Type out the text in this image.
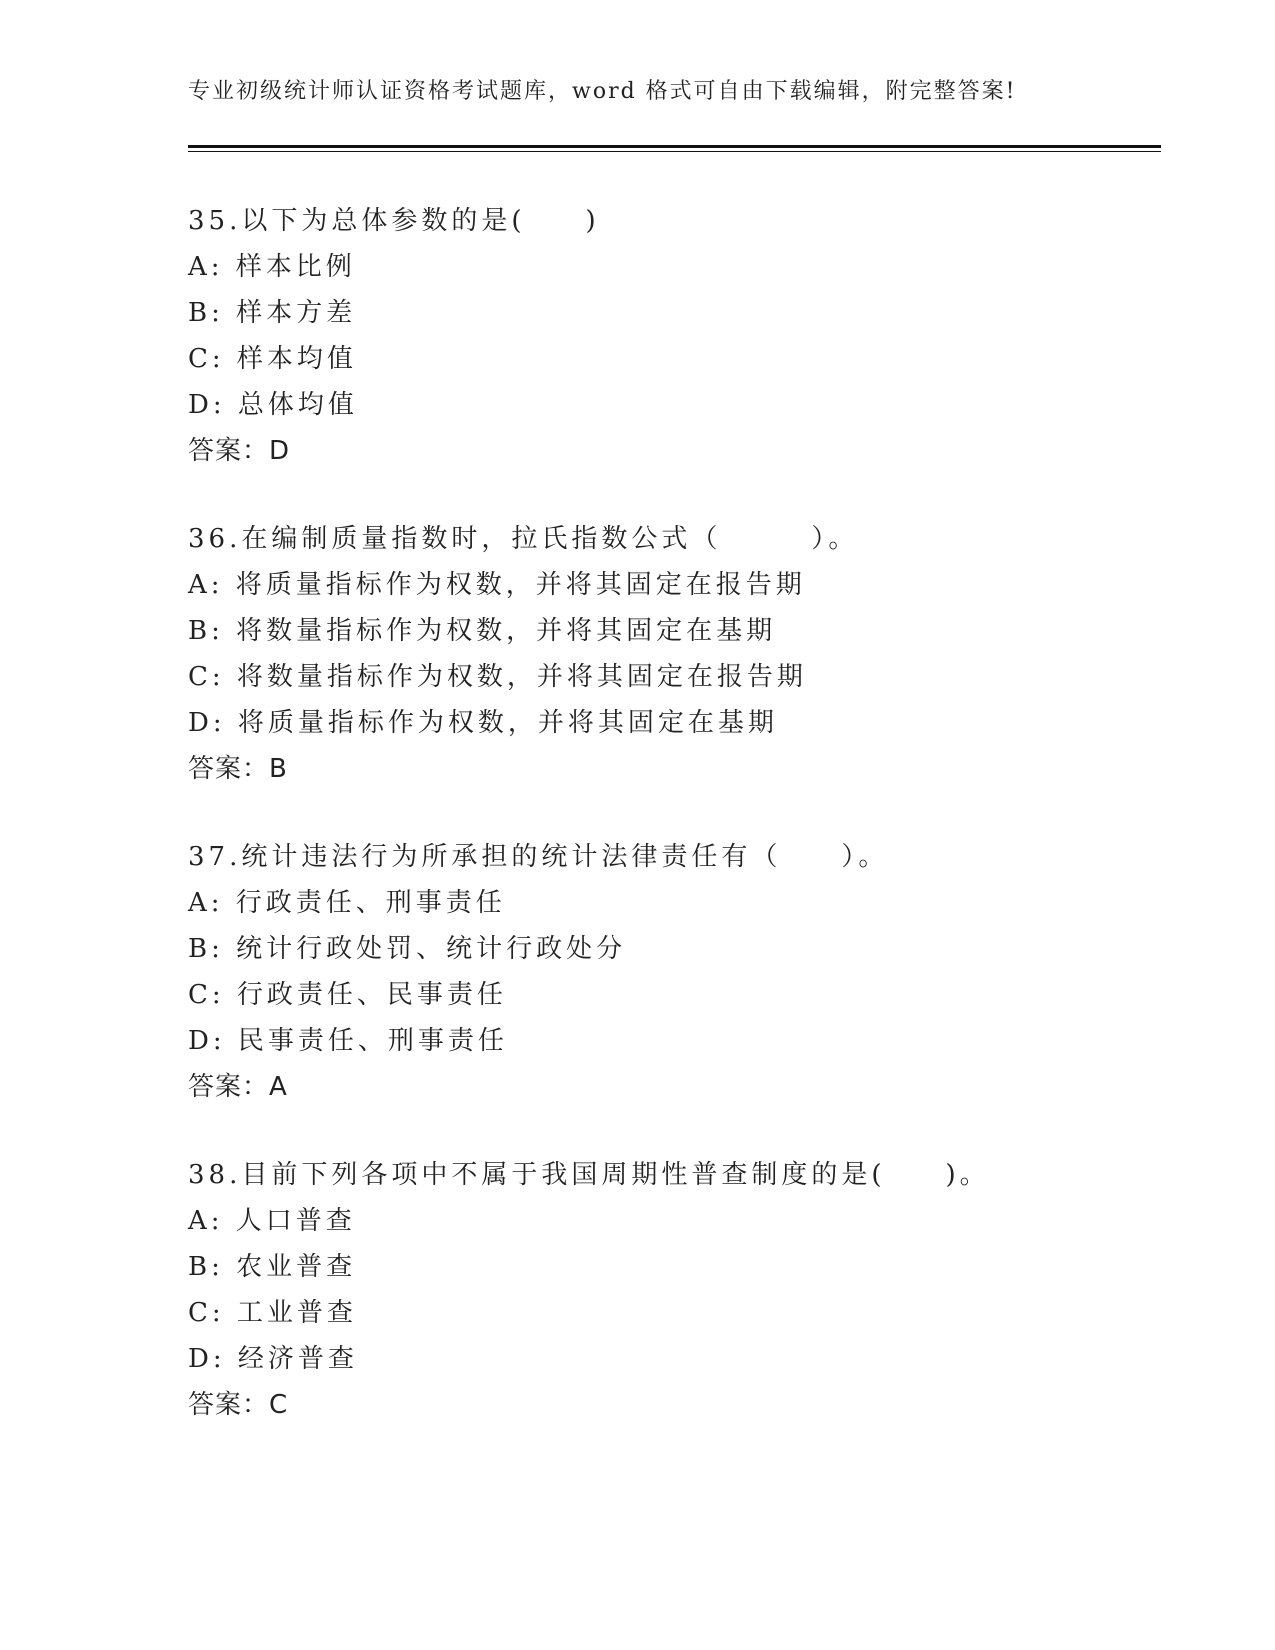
专业初级统计师认证资格考试题库，word 格式可自由下载编辑，附完整答案!
35.以下为总体参数的是(　　)
A: 样本比例
B: 样本方差
C: 样本均值
D: 总体均值
答案：D
36.在编制质量指数时，拉氏指数公式（　　　）。
A: 将质量指标作为权数，并将其固定在报告期
B: 将数量指标作为权数，并将其固定在基期
C: 将数量指标作为权数，并将其固定在报告期
D: 将质量指标作为权数，并将其固定在基期
答案：B
37.统计违法行为所承担的统计法律责任有（　　）。
A: 行政责任、刑事责任
B: 统计行政处罚、统计行政处分
C: 行政责任、民事责任
D: 民事责任、刑事责任
答案：A
38.目前下列各项中不属于我国周期性普查制度的是(　　)。
A: 人口普查
B: 农业普查
C: 工业普查
D: 经济普查
答案：C
